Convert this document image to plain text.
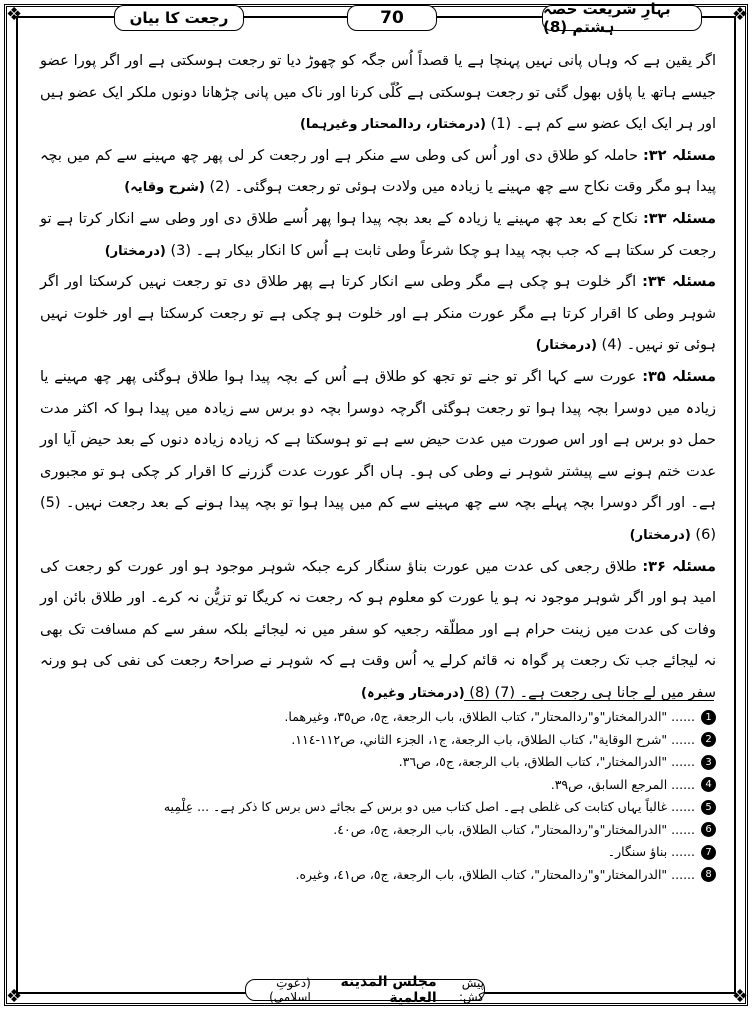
❖	❖
❖	❖
رجعت کا بیان	70	بہارِ شریعت حصہ ہشتم (8)

اگر یقین ہے کہ وہاں پانی نہیں پہنچا ہے یا قصداً اُس جگہ کو چھوڑ دیا تو رجعت ہوسکتی ہے اور اگر پورا عضو جیسے ہاتھ یا پاؤں بھول گئی تو رجعت ہوسکتی ہے کُلّی کرنا اور ناک میں پانی چڑھانا دونوں ملکر ایک عضو ہیں اور ہر ایک ایک عضو سے کم ہے۔ (1) (درمختار، ردالمحتار وغیرہما)

مسئلہ ۳۲: حاملہ کو طلاق دی اور اُس کی وطی سے منکر ہے اور رجعت کر لی پھر چھ مہینے سے کم میں بچہ پیدا ہو مگر وقت نکاح سے چھ مہینے یا زیادہ میں ولادت ہوئی تو رجعت ہوگئی۔ (2) (شرح وقایہ)

مسئلہ ۳۳: نکاح کے بعد چھ مہینے یا زیادہ کے بعد بچہ پیدا ہوا پھر اُسے طلاق دی اور وطی سے انکار کرتا ہے تو رجعت کر سکتا ہے کہ جب بچہ پیدا ہو چکا شرعاً وطی ثابت ہے اُس کا انکار بیکار ہے۔ (3) (درمختار)

مسئلہ ۳۴: اگر خلوت ہو چکی ہے مگر وطی سے انکار کرتا ہے پھر طلاق دی تو رجعت نہیں کرسکتا اور اگر شوہر وطی کا اقرار کرتا ہے مگر عورت منکر ہے اور خلوت ہو چکی ہے تو رجعت کرسکتا ہے اور خلوت نہیں ہوئی تو نہیں۔ (4) (درمختار)

مسئلہ ۳۵: عورت سے کہا اگر تو جنے تو تجھ کو طلاق ہے اُس کے بچہ پیدا ہوا طلاق ہوگئی پھر چھ مہینے یا زیادہ میں دوسرا بچہ پیدا ہوا تو رجعت ہوگئی اگرچہ دوسرا بچہ دو برس سے زیادہ میں پیدا ہوا کہ اکثر مدت حمل دو برس ہے اور اس صورت میں عدت حیض سے ہے تو ہوسکتا ہے کہ زیادہ زیادہ دنوں کے بعد حیض آیا اور عدت ختم ہونے سے پیشتر شوہر نے وطی کی ہو۔ ہاں اگر عورت عدت گزرنے کا اقرار کر چکی ہو تو مجبوری ہے۔ اور اگر دوسرا بچہ پہلے بچہ سے چھ مہینے سے کم میں پیدا ہوا تو بچہ پیدا ہونے کے بعد رجعت نہیں۔ (5) (6) (درمختار)

مسئلہ ۳۶: طلاق رجعی کی عدت میں عورت بناؤ سنگار کرے جبکہ شوہر موجود ہو اور عورت کو رجعت کی امید ہو اور اگر شوہر موجود نہ ہو یا عورت کو معلوم ہو کہ رجعت نہ کریگا تو تزیُّن نہ کرے۔ اور طلاق بائن اور وفات کی عدت میں زینت حرام ہے اور مطلّقہ رجعیہ کو سفر میں نہ لیجائے بلکہ سفر سے کم مسافت تک بھی نہ لیجائے جب تک رجعت پر گواہ نہ قائم کرلے یہ اُس وقت ہے کہ شوہر نے صراحۃً رجعت کی نفی کی ہو ورنہ سفر میں لے جانا ہی رجعت ہے۔ (7) (8) (درمختار وغیرہ)

1
...... "الدرالمختار"و"ردالمحتار"، كتاب الطلاق، باب الرجعة، ج٥، ص٣٥، وغيرهما.
2
...... "شرح الوقاية"، كتاب الطلاق، باب الرجعة، ج١، الجزء الثاني، ص١١٢-١١٤.
3
...... "الدرالمختار"، كتاب الطلاق، باب الرجعة، ج٥، ص٣٦.
4
...... المرجع السابق، ص٣٩.
5
...... غالباً یہاں کتابت کی غلطی ہے۔ اصل کتاب میں دو برس کے بجائے دس برس کا ذکر ہے۔ ... عِلْمِیه
6
...... "الدرالمختار"و"ردالمحتار"، كتاب الطلاق، باب الرجعة، ج٥، ص٤٠.
7
...... بناؤ سنگار۔
8
...... "الدرالمختار"و"ردالمحتار"، كتاب الطلاق، باب الرجعة، ج٥، ص٤١، وغيره.
پیش کش:
مجلس المدينة العلمية
(دعوتِ اسلامی)
